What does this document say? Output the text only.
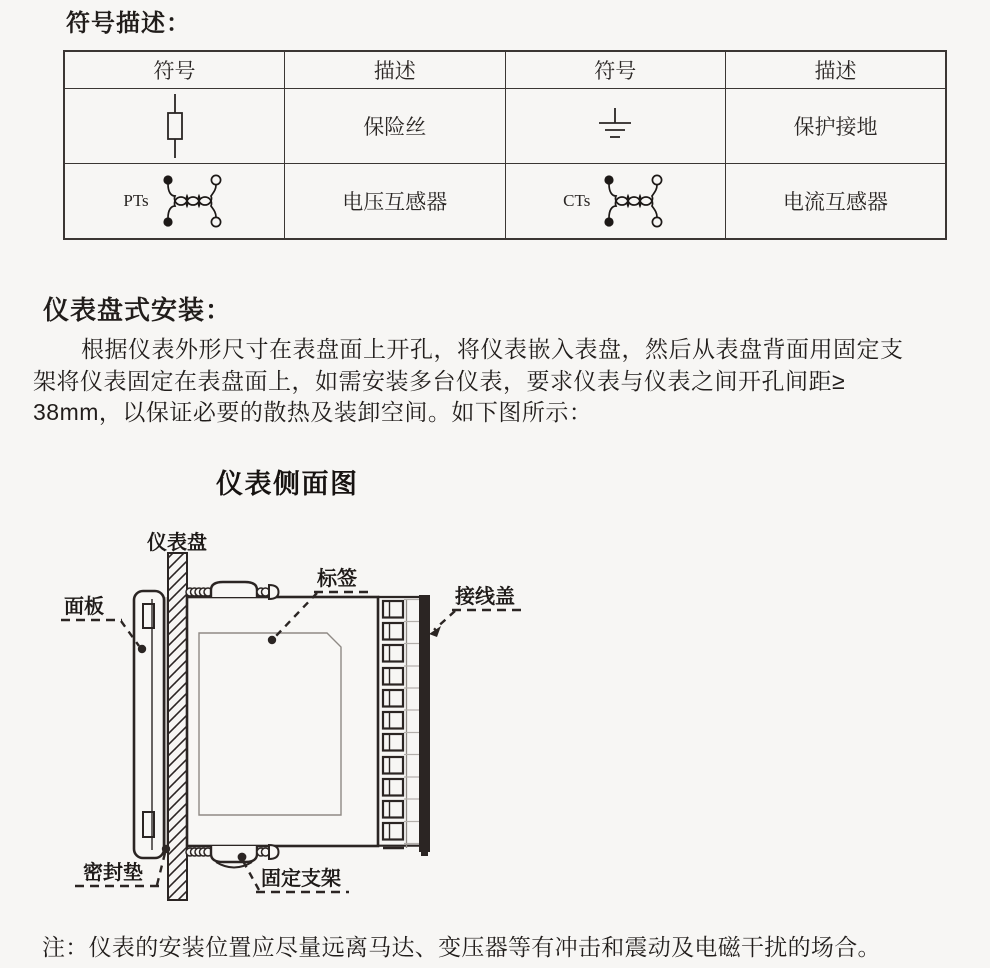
符号描述：
符号	描述	符号	描述

	保险丝		保护接地

PTs	电压互感器	CTs	电流互感器
仪表盘式安装：
根据仪表外形尺寸在表盘面上开孔，将仪表嵌入表盘，然后从表盘背面用固定支
架将仪表固定在表盘面上，如需安装多台仪表，要求仪表与仪表之间开孔间距≥
38mm，以保证必要的散热及装卸空间。如下图所示：
仪表侧面图
仪表盘
面板
标签
接线盖
密封垫	固定支架
注：仪表的安装位置应尽量远离马达、变压器等有冲击和震动及电磁干扰的场合。
